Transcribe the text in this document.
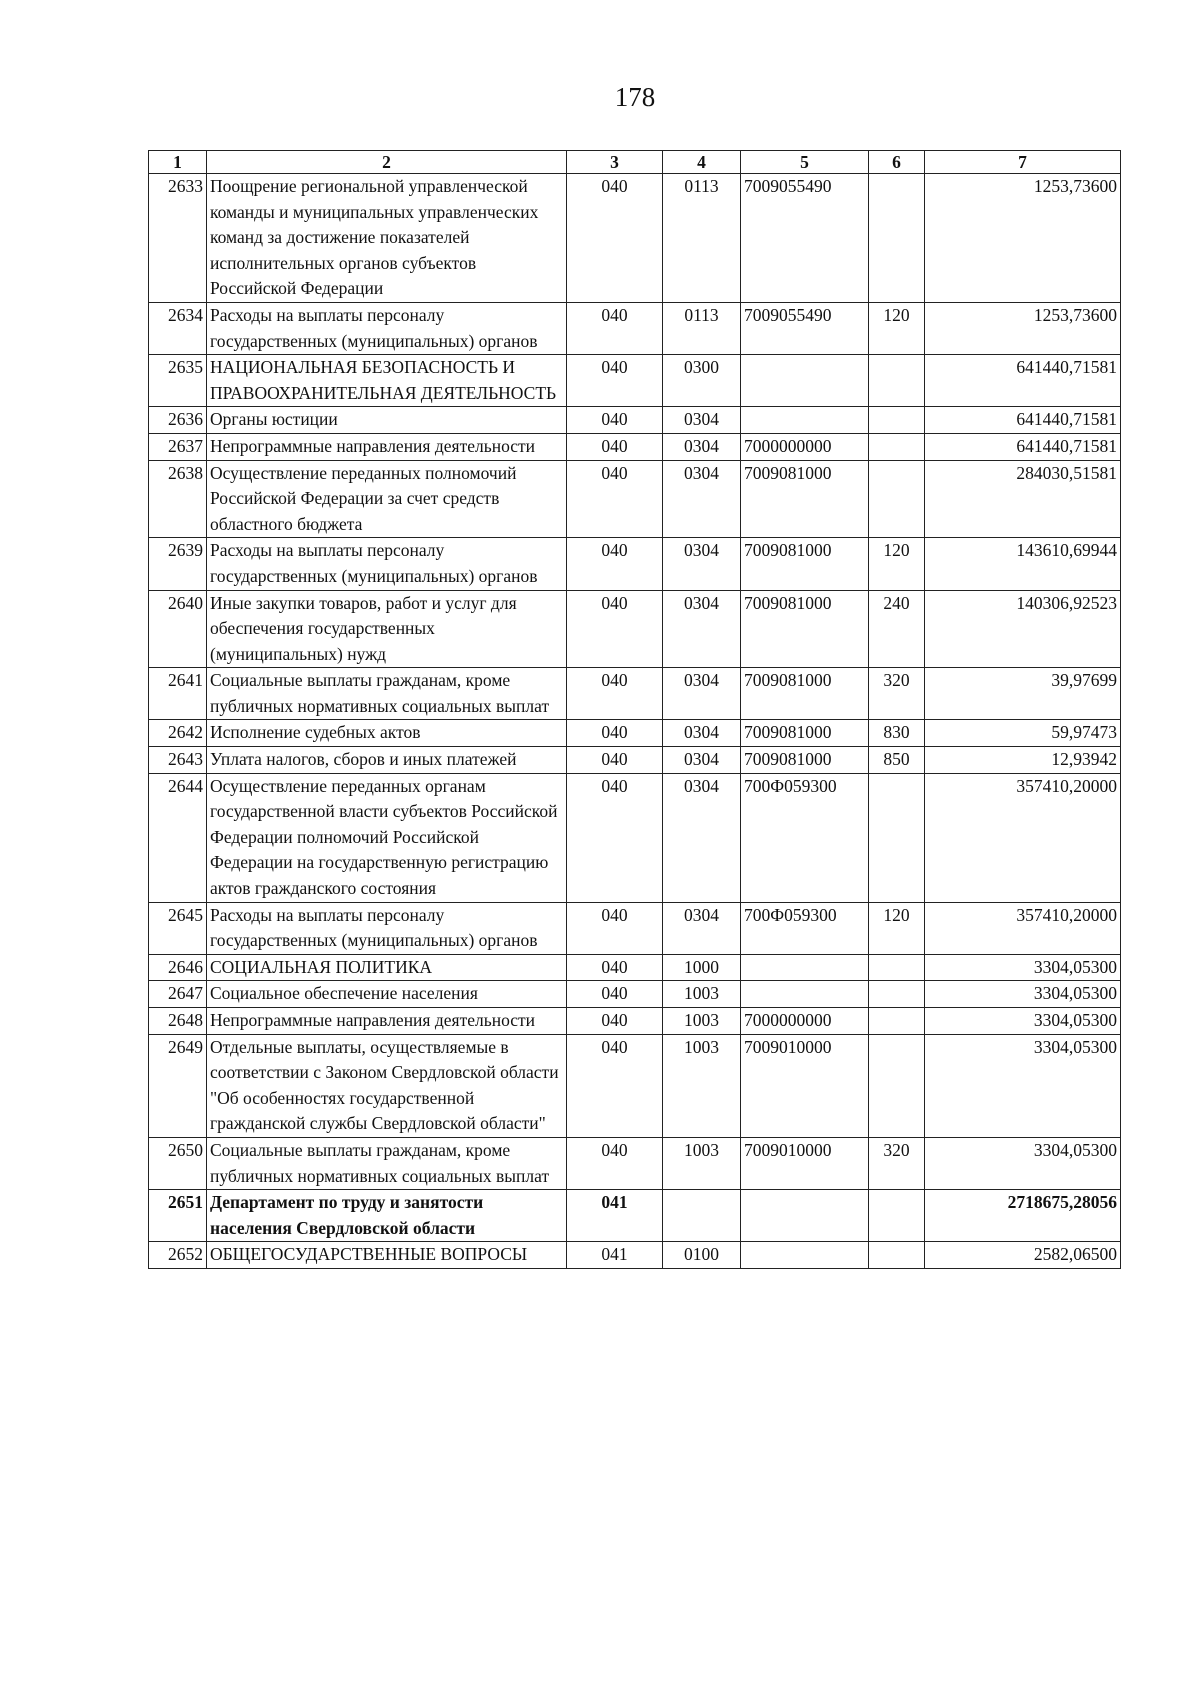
178
1	2	3	4	5	6	7
2633	Поощрение региональной управленческой команды и муниципальных управленческих команд за достижение показателей исполнительных органов субъектов Российской Федерации	040	0113	7009055490		1253,73600
2634	Расходы на выплаты персоналу государственных (муниципальных) органов	040	0113	7009055490	120	1253,73600
2635	НАЦИОНАЛЬНАЯ БЕЗОПАСНОСТЬ И ПРАВООХРАНИТЕЛЬНАЯ ДЕЯТЕЛЬНОСТЬ	040	0300			641440,71581
2636	Органы юстиции	040	0304			641440,71581
2637	Непрограммные направления деятельности	040	0304	7000000000		641440,71581
2638	Осуществление переданных полномочий Российской Федерации за счет средств областного бюджета	040	0304	7009081000		284030,51581
2639	Расходы на выплаты персоналу государственных (муниципальных) органов	040	0304	7009081000	120	143610,69944
2640	Иные закупки товаров, работ и услуг для обеспечения государственных (муниципальных) нужд	040	0304	7009081000	240	140306,92523
2641	Социальные выплаты гражданам, кроме публичных нормативных социальных выплат	040	0304	7009081000	320	39,97699
2642	Исполнение судебных актов	040	0304	7009081000	830	59,97473
2643	Уплата налогов, сборов и иных платежей	040	0304	7009081000	850	12,93942
2644	Осуществление переданных органам государственной власти субъектов Российской Федерации полномочий Российской Федерации на государственную регистрацию актов гражданского состояния	040	0304	700Ф059300		357410,20000
2645	Расходы на выплаты персоналу государственных (муниципальных) органов	040	0304	700Ф059300	120	357410,20000
2646	СОЦИАЛЬНАЯ ПОЛИТИКА	040	1000			3304,05300
2647	Социальное обеспечение населения	040	1003			3304,05300
2648	Непрограммные направления деятельности	040	1003	7000000000		3304,05300
2649	Отдельные выплаты, осуществляемые в соответствии с Законом Свердловской области "Об особенностях государственной гражданской службы Свердловской области"	040	1003	7009010000		3304,05300
2650	Социальные выплаты гражданам, кроме публичных нормативных социальных выплат	040	1003	7009010000	320	3304,05300
2651	Департамент по труду и занятости населения Свердловской области	041				2718675,28056
2652	ОБЩЕГОСУДАРСТВЕННЫЕ ВОПРОСЫ	041	0100			2582,06500
